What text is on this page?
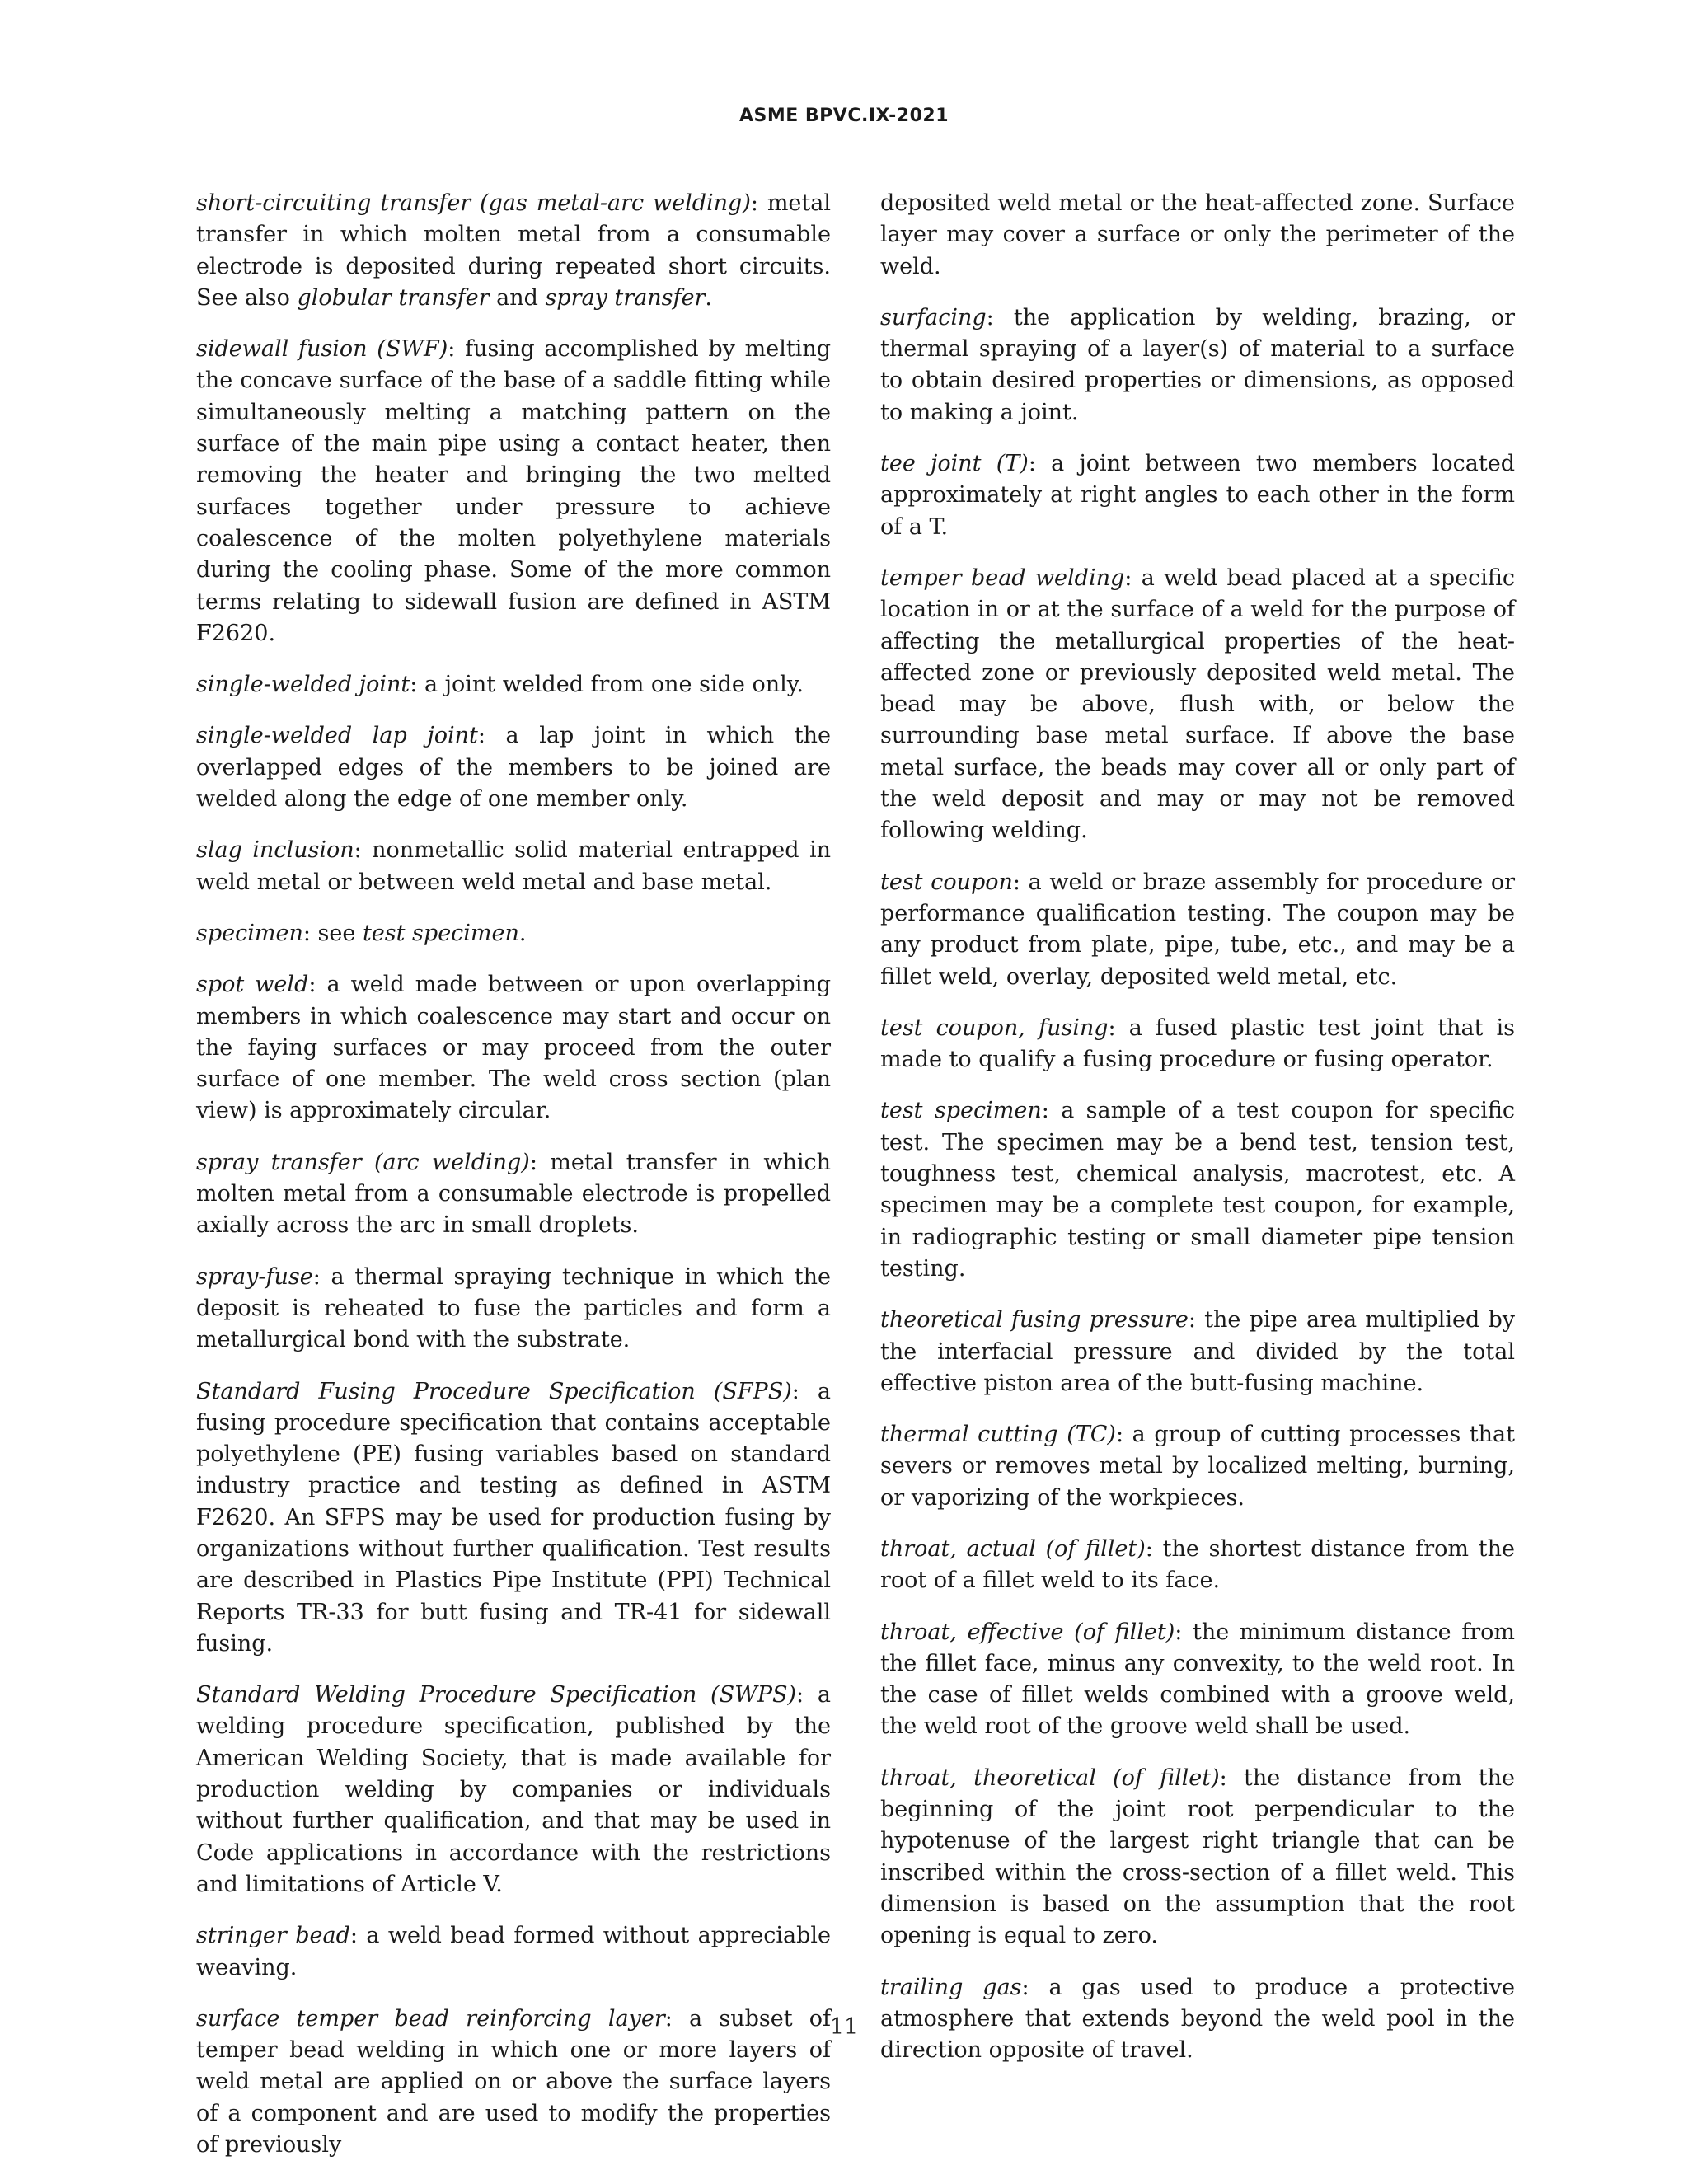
ASME BPVC.IX-2021

short-circuiting transfer (gas metal-arc welding): metal transfer in which molten metal from a consumable electrode is deposited during repeated short circuits. See also globular transfer and spray transfer.

sidewall fusion (SWF): fusing accomplished by melting the concave surface of the base of a saddle fitting while simultaneously melting a matching pattern on the surface of the main pipe using a contact heater, then removing the heater and bringing the two melted surfaces together under pressure to achieve coalescence of the molten polyethylene materials during the cooling phase. Some of the more common terms relating to sidewall fusion are defined in ASTM F2620.

single-welded joint: a joint welded from one side only.

single-welded lap joint: a lap joint in which the overlapped edges of the members to be joined are welded along the edge of one member only.

slag inclusion: nonmetallic solid material entrapped in weld metal or between weld metal and base metal.

specimen: see test specimen.

spot weld: a weld made between or upon overlapping members in which coalescence may start and occur on the faying surfaces or may proceed from the outer surface of one member. The weld cross section (plan view) is approximately circular.

spray transfer (arc welding): metal transfer in which molten metal from a consumable electrode is propelled axially across the arc in small droplets.

spray-fuse: a thermal spraying technique in which the deposit is reheated to fuse the particles and form a metallurgical bond with the substrate.

Standard Fusing Procedure Specification (SFPS): a fusing procedure specification that contains acceptable polyethylene (PE) fusing variables based on standard industry practice and testing as defined in ASTM F2620. An SFPS may be used for production fusing by organizations without further qualification. Test results are described in Plastics Pipe Institute (PPI) Technical Reports TR-33 for butt fusing and TR-41 for sidewall fusing.

Standard Welding Procedure Specification (SWPS): a welding procedure specification, published by the American Welding Society, that is made available for production welding by companies or individuals without further qualification, and that may be used in Code applications in accordance with the restrictions and limitations of Article V.

stringer bead: a weld bead formed without appreciable weaving.

surface temper bead reinforcing layer: a subset of temper bead welding in which one or more layers of weld metal are applied on or above the surface layers of a component and are used to modify the properties of previously

deposited weld metal or the heat-affected zone. Surface layer may cover a surface or only the perimeter of the weld.

surfacing: the application by welding, brazing, or thermal spraying of a layer(s) of material to a surface to obtain desired properties or dimensions, as opposed to making a joint.

tee joint (T): a joint between two members located approximately at right angles to each other in the form of a T.

temper bead welding: a weld bead placed at a specific location in or at the surface of a weld for the purpose of affecting the metallurgical properties of the heat-affected zone or previously deposited weld metal. The bead may be above, flush with, or below the surrounding base metal surface. If above the base metal surface, the beads may cover all or only part of the weld deposit and may or may not be removed following welding.

test coupon: a weld or braze assembly for procedure or performance qualification testing. The coupon may be any product from plate, pipe, tube, etc., and may be a fillet weld, overlay, deposited weld metal, etc.

test coupon, fusing: a fused plastic test joint that is made to qualify a fusing procedure or fusing operator.

test specimen: a sample of a test coupon for specific test. The specimen may be a bend test, tension test, toughness test, chemical analysis, macrotest, etc. A specimen may be a complete test coupon, for example, in radiographic testing or small diameter pipe tension testing.

theoretical fusing pressure: the pipe area multiplied by the interfacial pressure and divided by the total effective piston area of the butt-fusing machine.

thermal cutting (TC): a group of cutting processes that severs or removes metal by localized melting, burning, or vaporizing of the workpieces.

throat, actual (of fillet): the shortest distance from the root of a fillet weld to its face.

throat, effective (of fillet): the minimum distance from the fillet face, minus any convexity, to the weld root. In the case of fillet welds combined with a groove weld, the weld root of the groove weld shall be used.

throat, theoretical (of fillet): the distance from the beginning of the joint root perpendicular to the hypotenuse of the largest right triangle that can be inscribed within the cross-section of a fillet weld. This dimension is based on the assumption that the root opening is equal to zero.

trailing gas: a gas used to produce a protective atmosphere that extends beyond the weld pool in the direction opposite of travel.

11
